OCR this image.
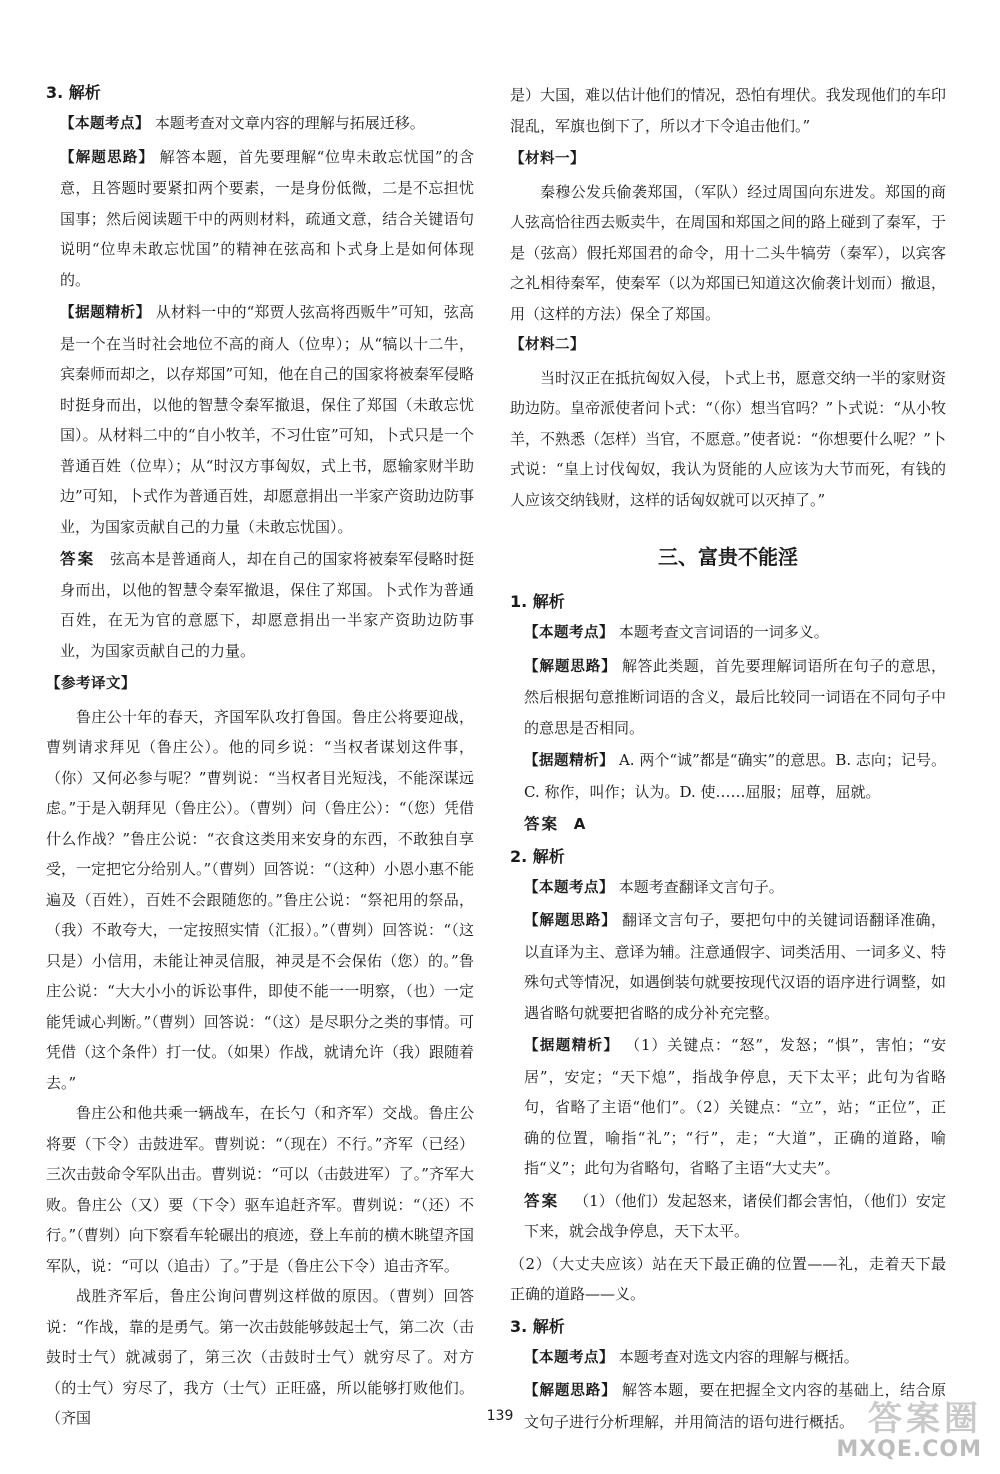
3. 解析

【本题考点】 本题考查对文章内容的理解与拓展迁移。

【解题思路】 解答本题，首先要理解“位卑未敢忘忧国”的含意，且答题时要紧扣两个要素，一是身份低微，二是不忘担忧国事；然后阅读题干中的两则材料，疏通文意，结合关键语句说明“位卑未敢忘忧国”的精神在弦高和卜式身上是如何体现的。

【据题精析】 从材料一中的“郑贾人弦高将西贩牛”可知，弦高是一个在当时社会地位不高的商人（位卑）；从“犒以十二牛，宾秦师而却之，以存郑国”可知，他在自己的国家将被秦军侵略时挺身而出，以他的智慧令秦军撤退，保住了郑国（未敢忘忧国）。从材料二中的“自小牧羊，不习仕宦”可知，卜式只是一个普通百姓（位卑）；从“时汉方事匈奴，式上书，愿输家财半助边”可知，卜式作为普通百姓，却愿意捐出一半家产资助边防事业，为国家贡献自己的力量（未敢忘忧国）。

答案 弦高本是普通商人，却在自己的国家将被秦军侵略时挺身而出，以他的智慧令秦军撤退，保住了郑国。卜式作为普通百姓，在无为官的意愿下，却愿意捐出一半家产资助边防事业，为国家贡献自己的力量。

【参考译文】

鲁庄公十年的春天，齐国军队攻打鲁国。鲁庄公将要迎战，曹刿请求拜见（鲁庄公）。他的同乡说：“当权者谋划这件事，（你）又何必参与呢？”曹刿说：“当权者目光短浅，不能深谋远虑。”于是入朝拜见（鲁庄公）。（曹刿）问（鲁庄公）：“（您）凭借什么作战？”鲁庄公说：“衣食这类用来安身的东西，不敢独自享受，一定把它分给别人。”（曹刿）回答说：“（这种）小恩小惠不能遍及（百姓），百姓不会跟随您的。”鲁庄公说：“祭祀用的祭品，（我）不敢夸大，一定按照实情（汇报）。”（曹刿）回答说：“（这只是）小信用，未能让神灵信服，神灵是不会保佑（您）的。”鲁庄公说：“大大小小的诉讼事件，即使不能一一明察，（也）一定能凭诚心判断。”（曹刿）回答说：“（这）是尽职分之类的事情。可凭借（这个条件）打一仗。（如果）作战，就请允许（我）跟随着去。”

鲁庄公和他共乘一辆战车，在长勺（和齐军）交战。鲁庄公将要（下令）击鼓进军。曹刿说：“（现在）不行。”齐军（已经）三次击鼓命令军队出击。曹刿说：“可以（击鼓进军）了。”齐军大败。鲁庄公（又）要（下令）驱车追赶齐军。曹刿说：“（还）不行。”（曹刿）向下察看车轮碾出的痕迹，登上车前的横木眺望齐国军队，说：“可以（追击）了。”于是（鲁庄公下令）追击齐军。

战胜齐军后，鲁庄公询问曹刿这样做的原因。（曹刿）回答说：“作战，靠的是勇气。第一次击鼓能够鼓起士气，第二次（击鼓时士气）就减弱了，第三次（击鼓时士气）就穷尽了。对方（的士气）穷尽了，我方（士气）正旺盛，所以能够打败他们。（齐国

是）大国，难以估计他们的情况，恐怕有埋伏。我发现他们的车印混乱，军旗也倒下了，所以才下令追击他们。”

【材料一】

秦穆公发兵偷袭郑国，（军队）经过周国向东进发。郑国的商人弦高恰往西去贩卖牛，在周国和郑国之间的路上碰到了秦军，于是（弦高）假托郑国君的命令，用十二头牛犒劳（秦军），以宾客之礼相待秦军，使秦军（以为郑国已知道这次偷袭计划而）撤退，用（这样的方法）保全了郑国。

【材料二】

当时汉正在抵抗匈奴入侵，卜式上书，愿意交纳一半的家财资助边防。皇帝派使者问卜式：“（你）想当官吗？”卜式说：“从小牧羊，不熟悉（怎样）当官，不愿意。”使者说：“你想要什么呢？”卜式说：“皇上讨伐匈奴，我认为贤能的人应该为大节而死，有钱的人应该交纳钱财，这样的话匈奴就可以灭掉了。”

三、富贵不能淫

1. 解析

【本题考点】 本题考查文言词语的一词多义。

【解题思路】 解答此类题，首先要理解词语所在句子的意思，然后根据句意推断词语的含义，最后比较同一词语在不同句子中的意思是否相同。

【据题精析】 A. 两个“诚”都是“确实”的意思。B. 志向；记号。C. 称作，叫作；认为。D. 使……屈服；屈尊，屈就。

答案 A

2. 解析

【本题考点】 本题考查翻译文言句子。

【解题思路】 翻译文言句子，要把句中的关键词语翻译准确，以直译为主、意译为辅。注意通假字、词类活用、一词多义、特殊句式等情况，如遇倒装句就要按现代汉语的语序进行调整，如遇省略句就要把省略的成分补充完整。

【据题精析】 （1）关键点：“怒”，发怒；“惧”，害怕；“安居”，安定；“天下熄”，指战争停息，天下太平；此句为省略句，省略了主语“他们”。（2）关键点：“立”，站；“正位”，正确的位置，喻指“礼”；“行”，走；“大道”，正确的道路，喻指“义”；此句为省略句，省略了主语“大丈夫”。

答案 （1）（他们）发起怒来，诸侯们都会害怕，（他们）安定下来，就会战争停息，天下太平。

（2）（大丈夫应该）站在天下最正确的位置——礼，走着天下最正确的道路——义。

3. 解析

【本题考点】 本题考查对选文内容的理解与概括。

【解题思路】 解答本题，要在把握全文内容的基础上，结合原文句子进行分析理解，并用简洁的语句进行概括。

139	答案圈
MXQE.COM
